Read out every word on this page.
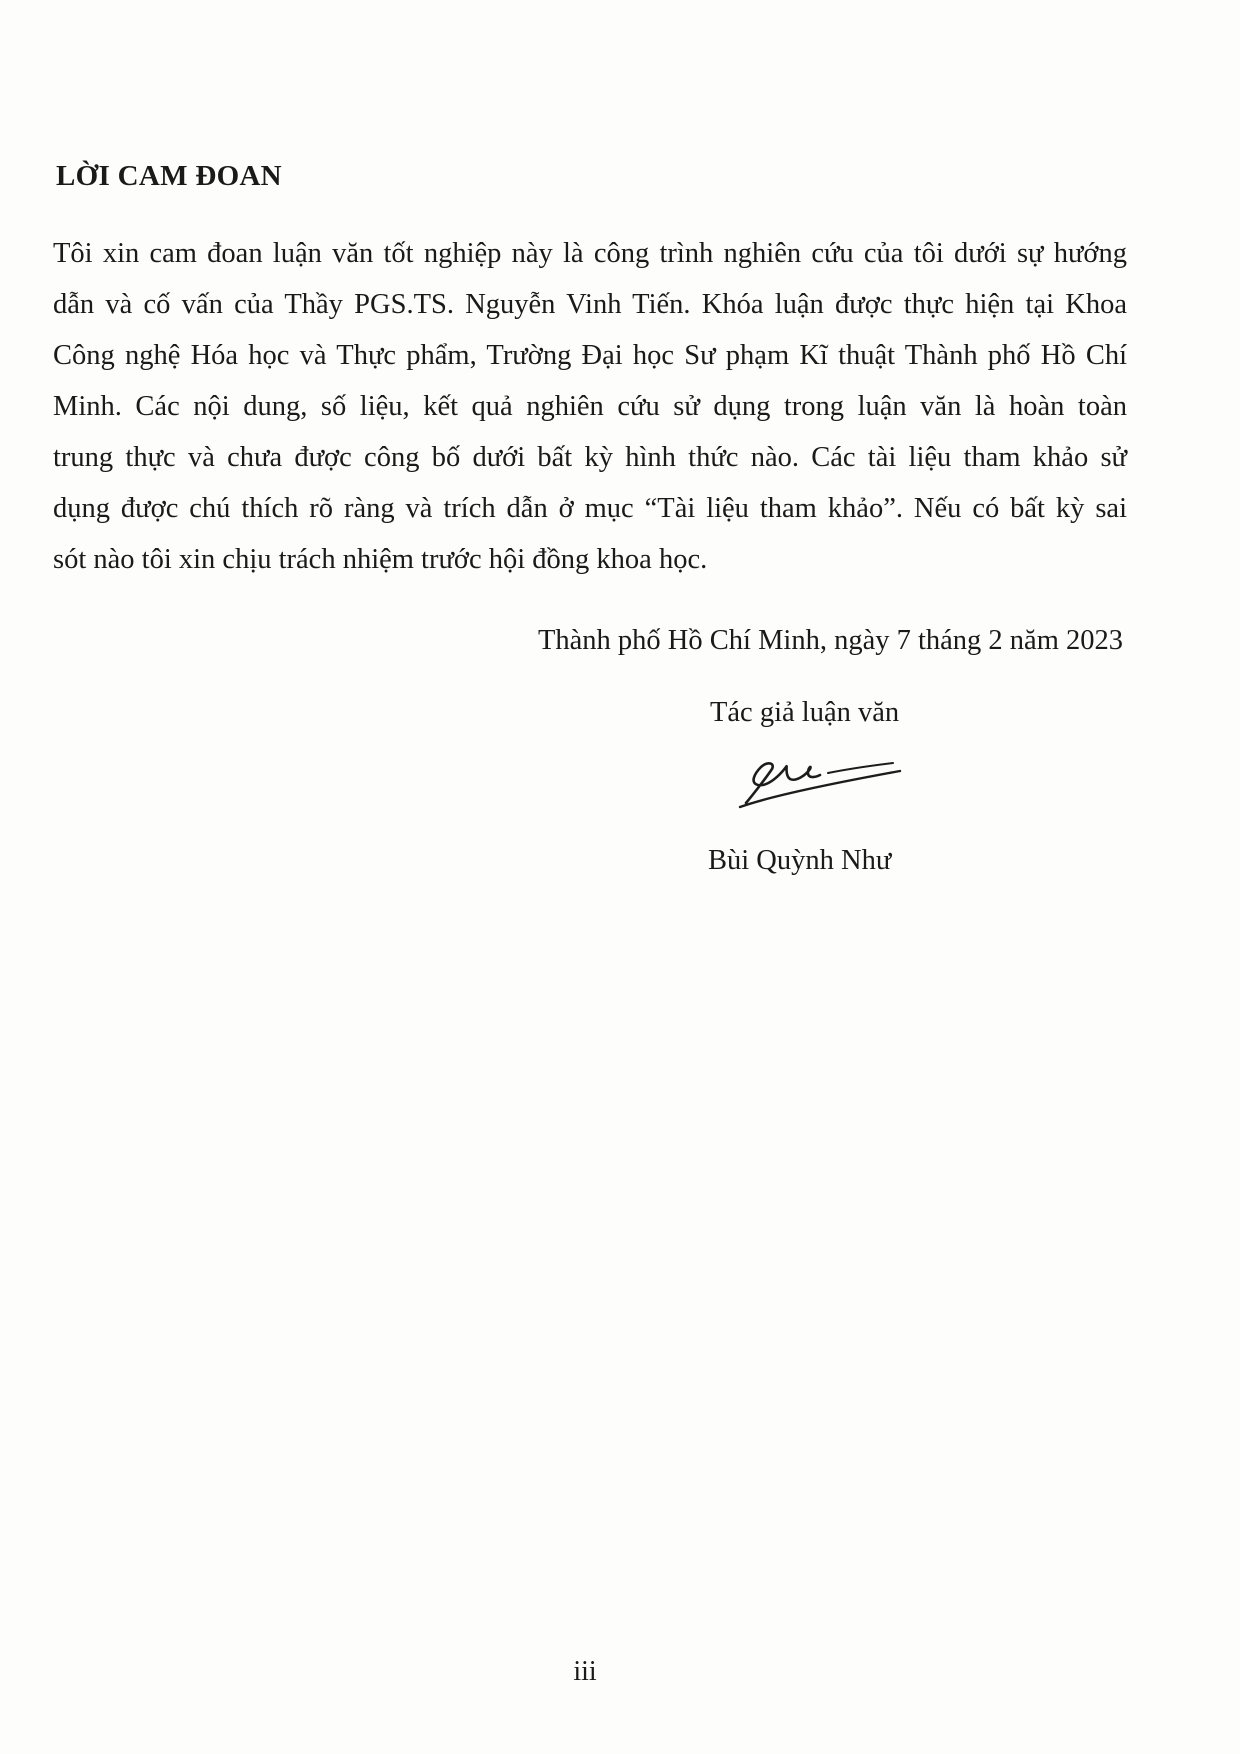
LỜI CAM ĐOAN
Tôi xin cam đoan luận văn tốt nghiệp này là công trình nghiên cứu của tôi dưới sự hướng
dẫn và cố vấn của Thầy PGS.TS. Nguyễn Vinh Tiến. Khóa luận được thực hiện tại Khoa
Công nghệ Hóa học và Thực phẩm, Trường Đại học Sư phạm Kĩ thuật Thành phố Hồ Chí
Minh. Các nội dung, số liệu, kết quả nghiên cứu sử dụng trong luận văn là hoàn toàn
trung thực và chưa được công bố dưới bất kỳ hình thức nào. Các tài liệu tham khảo sử
dụng được chú thích rõ ràng và trích dẫn ở mục “Tài liệu tham khảo”. Nếu có bất kỳ sai
sót nào tôi xin chịu trách nhiệm trước hội đồng khoa học.
Thành phố Hồ Chí Minh, ngày 7 tháng 2 năm 2023
Tác giả luận văn
Bùi Quỳnh Như
iii
